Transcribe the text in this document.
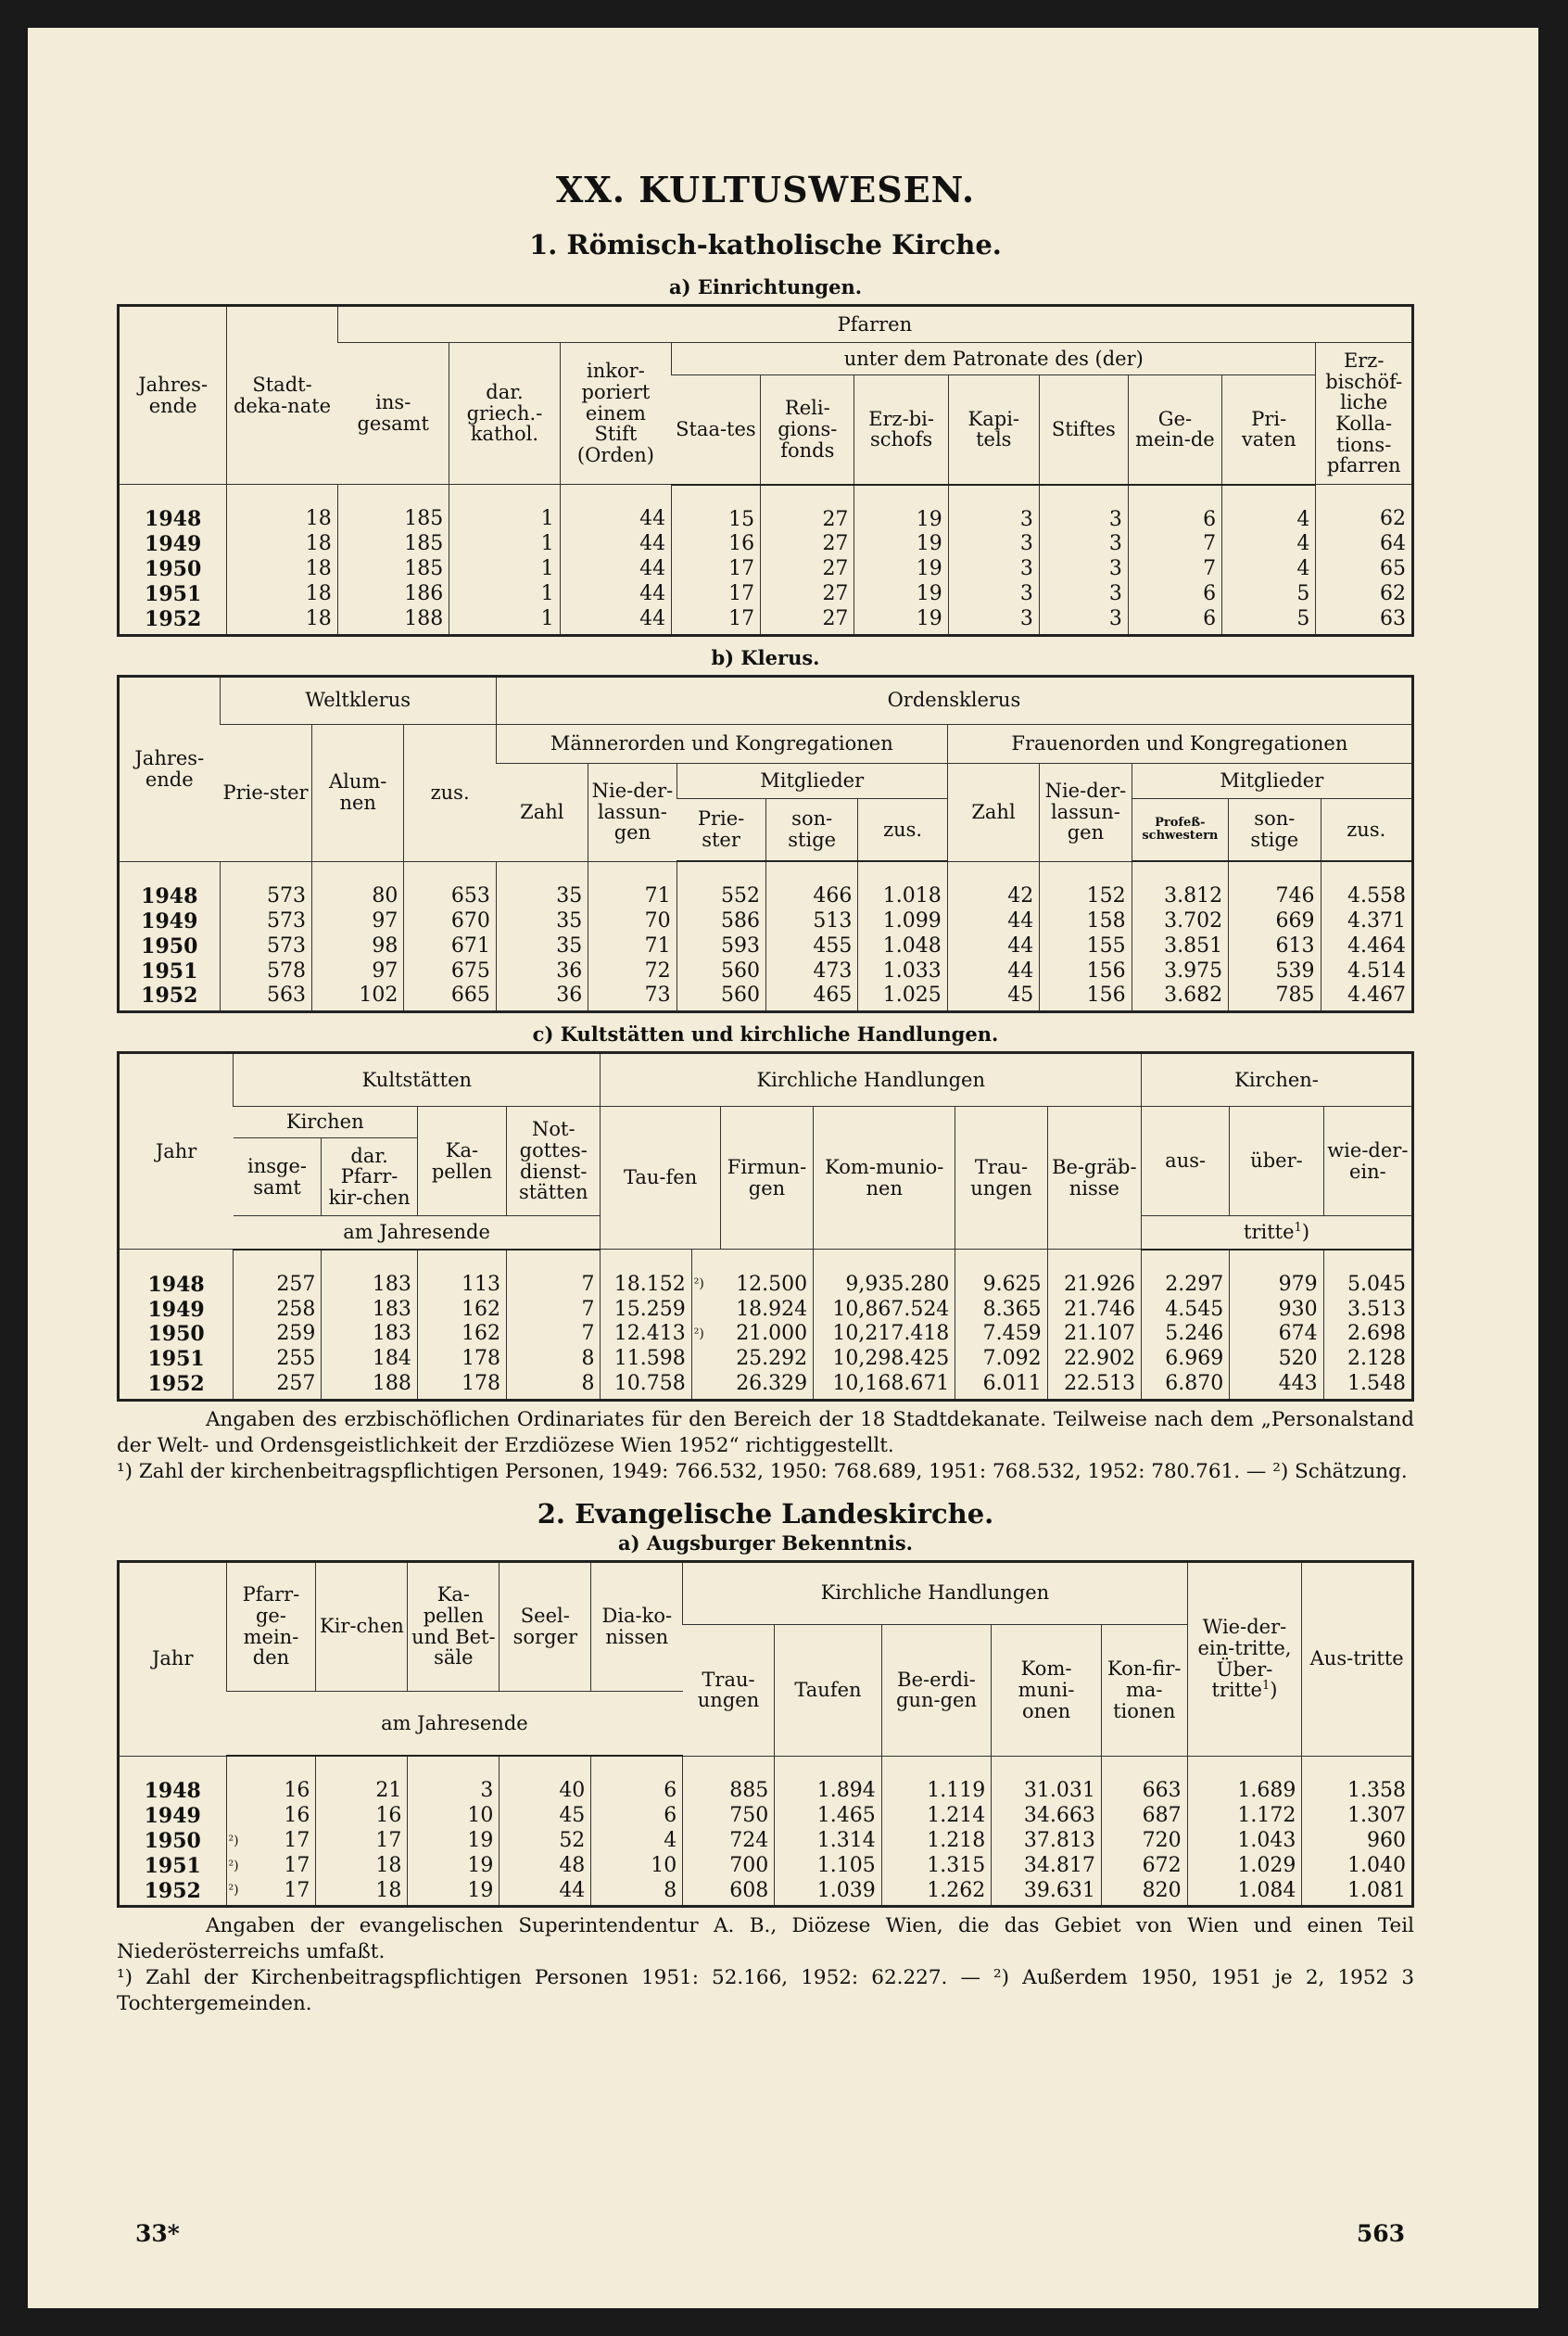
XX. KULTUSWESEN.
1. Römisch-katholische Kirche.
a) Einrichtungen.
Jahres-ende	Stadt-deka-nate	Pfarren										
		ins-gesamt	dar. griech.-kathol.	inkor-poriert einem Stift (Orden)	unter dem Patronate des (der)							Erz-bischöf-liche Kolla-tions-pfarren
					Staa-tes	Reli-gions-fonds	Erz-bi-schofs	Kapi-tels	Stiftes	Ge-mein-de	Pri-vaten	
1948	18	185	1	44	15	27	19	3	3	6	4	62
1949	18	185	1	44	16	27	19	3	3	7	4	64
1950	18	185	1	44	17	27	19	3	3	7	4	65
1951	18	186	1	44	17	27	19	3	3	6	5	62
1952	18	188	1	44	17	27	19	3	3	6	5	63
b) Klerus.
Jahres-ende	Weltklerus			Ordensklerus									
	Prie-ster	Alum-nen	zus.	Männerorden und Kongregationen					Frauenorden und Kongregationen				
				Zahl	Nie-der-lassun-gen	Mitglieder			Zahl	Nie-der-lassun-gen	Mitglieder		
						Prie-ster	son-stige	zus.			Profeß-schwestern	son-stige	zus.
1948	573	80	653	35	71	552	466	1.018	42	152	3.812	746	4.558
1949	573	97	670	35	70	586	513	1.099	44	158	3.702	669	4.371
1950	573	98	671	35	71	593	455	1.048	44	155	3.851	613	4.464
1951	578	97	675	36	72	560	473	1.033	44	156	3.975	539	4.514
1952	563	102	665	36	73	560	465	1.025	45	156	3.682	785	4.467
c) Kultstätten und kirchliche Handlungen.
Jahr	Kultstätten				Kirchliche Handlungen						Kirchen-		
	Kirchen		Ka-pellen	Not-gottes-dienst-stätten	Tau-fen		Firmun-gen	Kom-munio-nen	Trau-ungen	Be-gräb-nisse	aus-	über-	wie-der-ein-
	insge-samt	dar. Pfarr-kir-chen											
	am Jahresende										tritte$^1$)		
1948	257	183	113	7	18.152	²)	12.500	9,935.280	9.625	21.926	2.297	979	5.045
1949	258	183	162	7	15.259		18.924	10,867.524	8.365	21.746	4.545	930	3.513
1950	259	183	162	7	12.413	²)	21.000	10,217.418	7.459	21.107	5.246	674	2.698
1951	255	184	178	8	11.598		25.292	10,298.425	7.092	22.902	6.969	520	2.128
1952	257	188	178	8	10.758		26.329	10,168.671	6.011	22.513	6.870	443	1.548
Angaben des erzbischöflichen Ordinariates für den Bereich der 18 Stadtdekanate. Teilweise nach dem „Personalstand der Welt- und Ordensgeistlichkeit der Erzdiözese Wien 1952“ richtiggestellt.
¹) Zahl der kirchenbeitragspflichtigen Personen, 1949: 766.532, 1950: 768.689, 1951: 768.532, 1952: 780.761. — ²) Schätzung.
2. Evangelische Landeskirche.
a) Augsburger Bekenntnis.
Jahr	Pfarr-ge-mein-den		Kir-chen	Ka-pellen und Bet-säle	Seel-sorger	Dia-ko-nissen	Kirchliche Handlungen					Wie-der-ein-tritte, Über-tritte$^1$)	Aus-tritte
							Trau-ungen	Taufen	Be-erdi-gun-gen	Kom-muni-onen	Kon-fir-ma-tionen		
	am Jahresende												
1948		16	21	3	40	6	885	1.894	1.119	31.031	663	1.689	1.358
1949		16	16	10	45	6	750	1.465	1.214	34.663	687	1.172	1.307
1950	²)	17	17	19	52	4	724	1.314	1.218	37.813	720	1.043	960
1951	²)	17	18	19	48	10	700	1.105	1.315	34.817	672	1.029	1.040
1952	²)	17	18	19	44	8	608	1.039	1.262	39.631	820	1.084	1.081
Angaben der evangelischen Superintendentur A. B., Diözese Wien, die das Gebiet von Wien und einen Teil Niederösterreichs umfaßt.
¹) Zahl der Kirchenbeitragspflichtigen Personen 1951: 52.166, 1952: 62.227. — ²) Außerdem 1950, 1951 je 2, 1952 3 Tochtergemeinden.
33*	563
